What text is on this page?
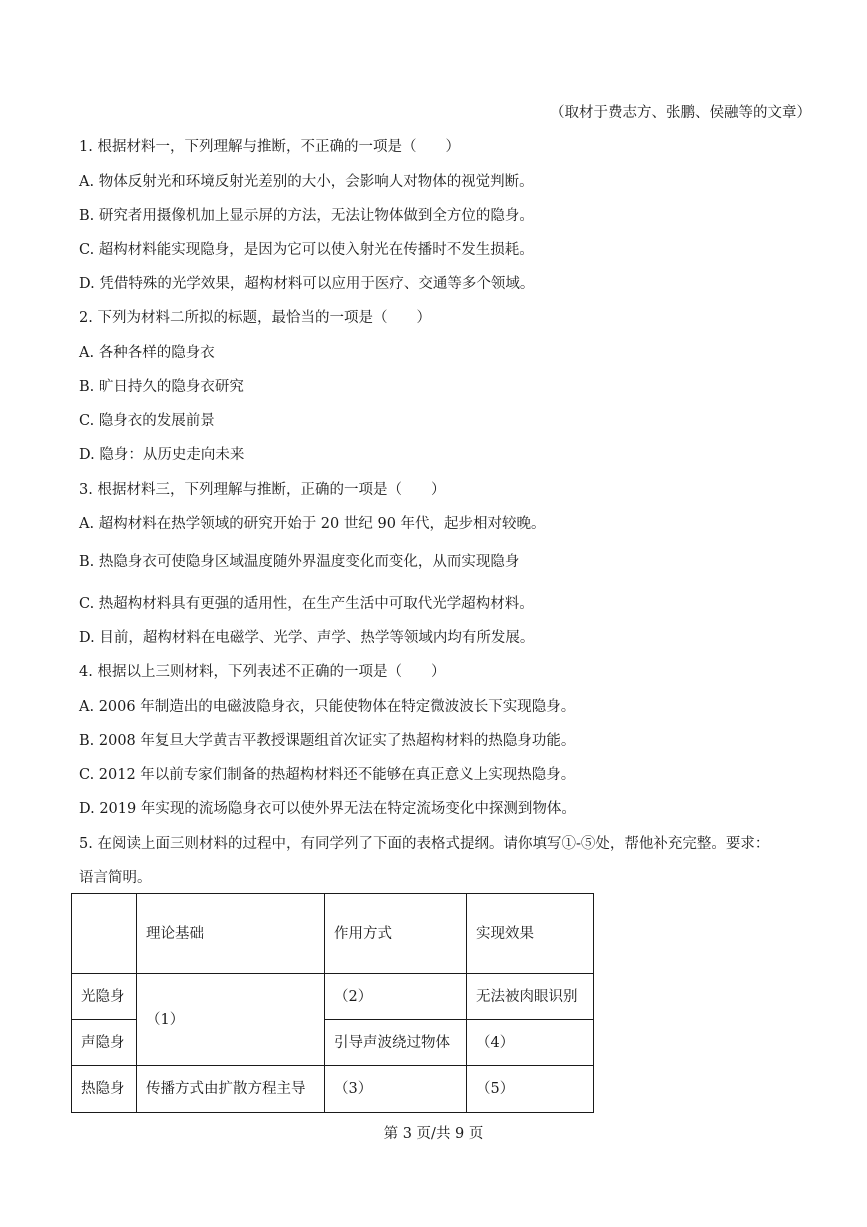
（取材于费志方、张鹏、侯融等的文章）
1. 根据材料一，下列理解与推断，不正确的一项是（　　）
A. 物体反射光和环境反射光差别的大小，会影响人对物体的视觉判断。
B. 研究者用摄像机加上显示屏的方法，无法让物体做到全方位的隐身。
C. 超构材料能实现隐身，是因为它可以使入射光在传播时不发生损耗。
D. 凭借特殊的光学效果，超构材料可以应用于医疗、交通等多个领域。
2. 下列为材料二所拟的标题，最恰当的一项是（　　）
A. 各种各样的隐身衣
B. 旷日持久的隐身衣研究
C. 隐身衣的发展前景
D. 隐身：从历史走向未来
3. 根据材料三，下列理解与推断，正确的一项是（　　）
A. 超构材料在热学领域的研究开始于 20 世纪 90 年代，起步相对较晚。
B. 热隐身衣可使隐身区域温度随外界温度变化而变化，从而实现隐身
C. 热超构材料具有更强的适用性，在生产生活中可取代光学超构材料。
D. 目前，超构材料在电磁学、光学、声学、热学等领域内均有所发展。
4. 根据以上三则材料，下列表述不正确的一项是（　　）
A. 2006 年制造出的电磁波隐身衣，只能使物体在特定微波波长下实现隐身。
B. 2008 年复旦大学黄吉平教授课题组首次证实了热超构材料的热隐身功能。
C. 2012 年以前专家们制备的热超构材料还不能够在真正意义上实现热隐身。
D. 2019 年实现的流场隐身衣可以使外界无法在特定流场变化中探测到物体。
5. 在阅读上面三则材料的过程中，有同学列了下面的表格式提纲。请你填写①-⑤处，帮他补充完整。要求：
语言简明。
	理论基础	作用方式	实现效果
光隐身	（1）	（2）	无法被肉眼识别
声隐身		引导声波绕过物体	（4）
热隐身	传播方式由扩散方程主导	（3）	（5）
第 3 页/共 9 页
